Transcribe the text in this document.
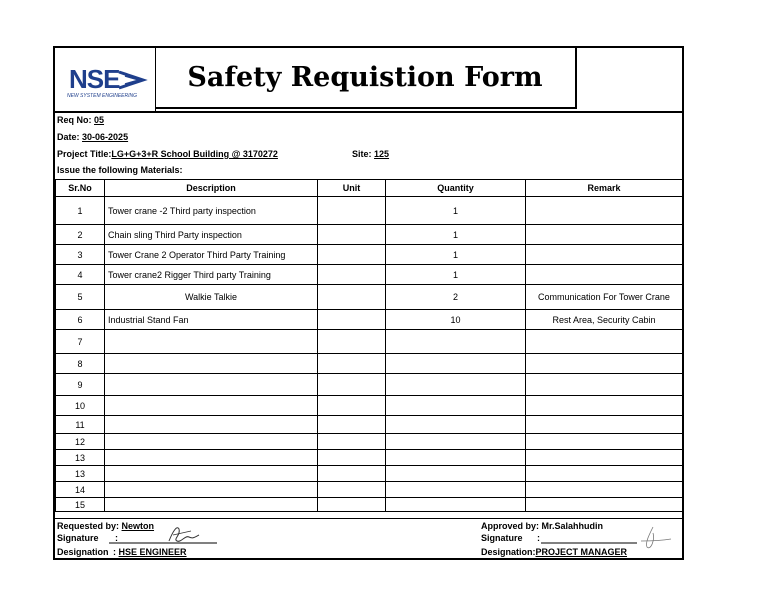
NSE
NEW SYSTEM ENGINEERING
Safety Requistion Form
Req No: 05
Date: 30-06-2025
Project Title:LG+G+3+R School Building @ 3170272	Site: 125
Issue the following Materials:
Sr.No	Description	Unit	Quantity	Remark
1	Tower crane -2 Third party inspection		1	
2	Chain sling Third Party inspection		1	
3	Tower Crane 2 Operator Third Party Training		1	
4	Tower crane2 Rigger Third party Training		1	
5	Walkie Talkie		2	Communication For Tower Crane
6	Industrial Stand Fan		10	Rest Area, Security Cabin
7				
8				
9				
10				
11				
12				
13				
13				
14				
15				
Requested by: Newton
Signature :
Designation : HSE ENGINEER
Approved by: Mr.Salahhudin
Signature :
Designation:PROJECT MANAGER
